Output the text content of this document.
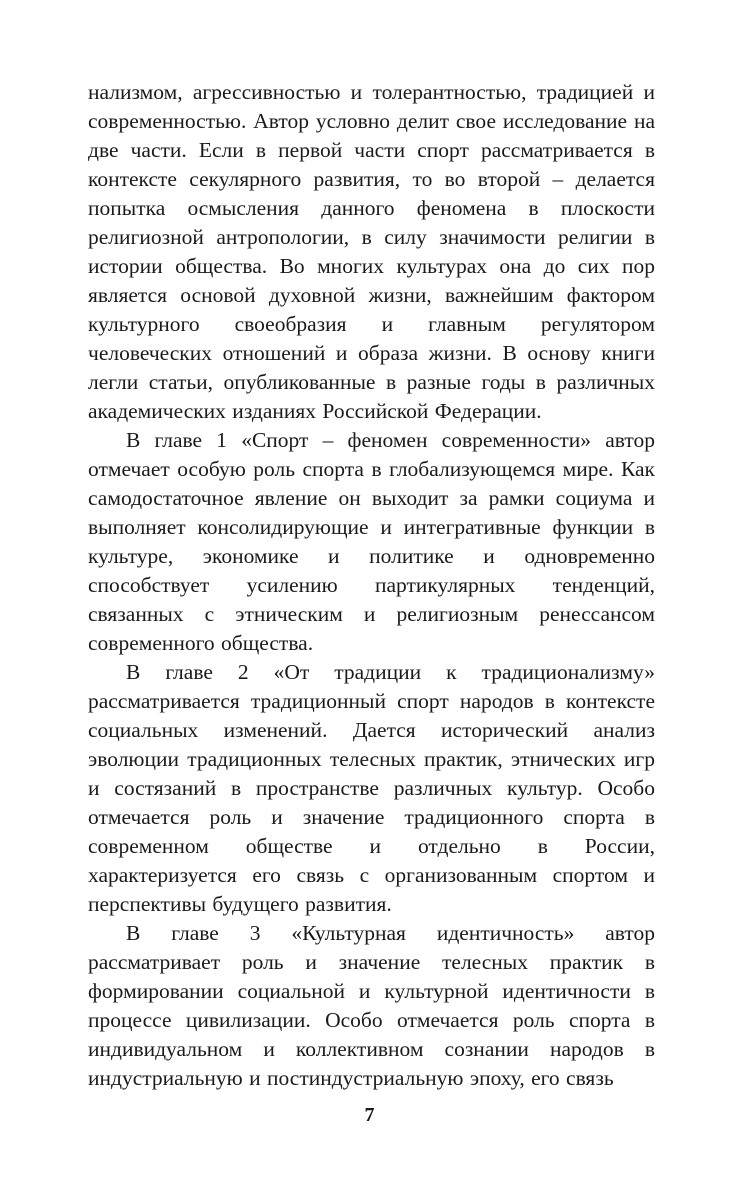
нализмом, агрессивностью и толерантностью, традицией и современностью. Автор условно делит свое исследование на две части. Если в первой части спорт рассматривается в контексте секулярного развития, то во второй – делается попытка осмысления данного феномена в плоскости религиозной антропологии, в силу значимости религии в истории общества. Во многих культурах она до сих пор является основой духовной жизни, важнейшим фактором культурного своеобразия и главным регулятором человеческих отношений и образа жизни. В основу книги легли статьи, опубликованные в разные годы в различных академических изданиях Российской Федерации.

В главе 1 «Спорт – феномен современности» автор отмечает особую роль спорта в глобализующемся мире. Как самодостаточное явление он выходит за рамки социума и выполняет консолидирующие и интегративные функции в культуре, экономике и политике и одновременно способствует усилению партикулярных тенденций, связанных с этническим и религиозным ренессансом современного общества.

В главе 2 «От традиции к традиционализму» рассматривается традиционный спорт народов в контексте социальных изменений. Дается исторический анализ эволюции традиционных телесных практик, этнических игр и состязаний в пространстве различных культур. Особо отмечается роль и значение традиционного спорта в современном обществе и отдельно в России, характеризуется его связь с организованным спортом и перспективы будущего развития.

В главе 3 «Культурная идентичность» автор рассматривает роль и значение телесных практик в формировании социальной и культурной идентичности в процессе цивилизации. Особо отмечается роль спорта в индивидуальном и коллективном сознании народов в индустриальную и постиндустриальную эпоху, его связь

7
